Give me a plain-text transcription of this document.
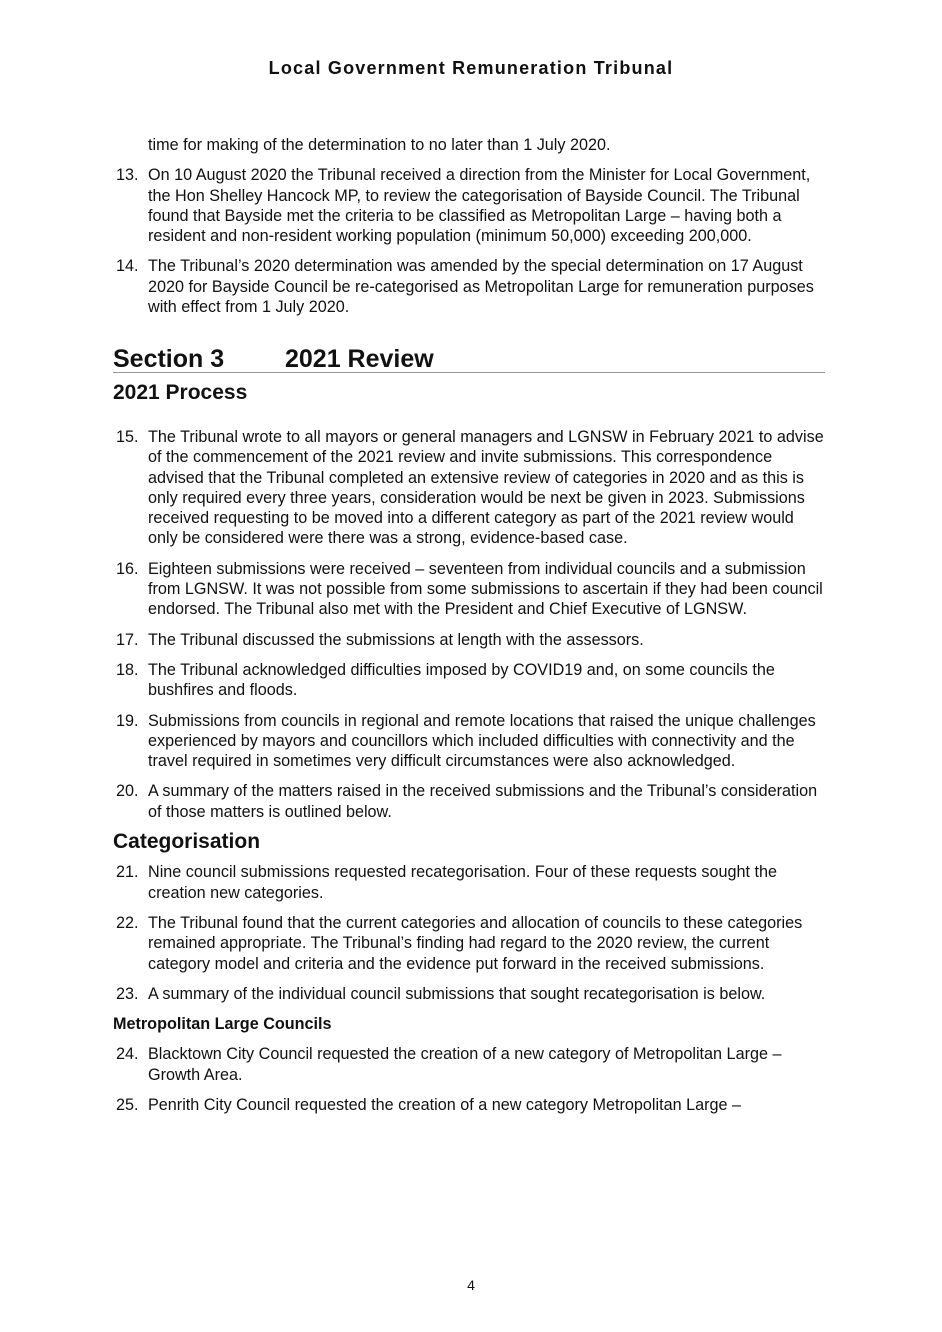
Local Government Remuneration Tribunal

time for making of the determination to no later than 1 July 2020.

13. On 10 August 2020 the Tribunal received a direction from the Minister for Local Government, the Hon Shelley Hancock MP, to review the categorisation of Bayside Council. The Tribunal found that Bayside met the criteria to be classified as Metropolitan Large – having both a resident and non-resident working population (minimum 50,000) exceeding 200,000.
14. The Tribunal’s 2020 determination was amended by the special determination on 17 August 2020 for Bayside Council be re-categorised as Metropolitan Large for remuneration purposes with effect from 1 July 2020.
Section 3	2021 Review
2021 Process
15. The Tribunal wrote to all mayors or general managers and LGNSW in February 2021 to advise of the commencement of the 2021 review and invite submissions. This correspondence advised that the Tribunal completed an extensive review of categories in 2020 and as this is only required every three years, consideration would be next be given in 2023. Submissions received requesting to be moved into a different category as part of the 2021 review would only be considered were there was a strong, evidence-based case.
16. Eighteen submissions were received – seventeen from individual councils and a submission from LGNSW. It was not possible from some submissions to ascertain if they had been council endorsed. The Tribunal also met with the President and Chief Executive of LGNSW.
17. The Tribunal discussed the submissions at length with the assessors.
18. The Tribunal acknowledged difficulties imposed by COVID19 and, on some councils the bushfires and floods.
19. Submissions from councils in regional and remote locations that raised the unique challenges experienced by mayors and councillors which included difficulties with connectivity and the travel required in sometimes very difficult circumstances were also acknowledged.
20. A summary of the matters raised in the received submissions and the Tribunal’s consideration of those matters is outlined below.
Categorisation
21. Nine council submissions requested recategorisation. Four of these requests sought the creation new categories.
22. The Tribunal found that the current categories and allocation of councils to these categories remained appropriate. The Tribunal’s finding had regard to the 2020 review, the current category model and criteria and the evidence put forward in the received submissions.
23. A summary of the individual council submissions that sought recategorisation is below.
Metropolitan Large Councils
24. Blacktown City Council requested the creation of a new category of Metropolitan Large – Growth Area.
25. Penrith City Council requested the creation of a new category Metropolitan Large –
4
